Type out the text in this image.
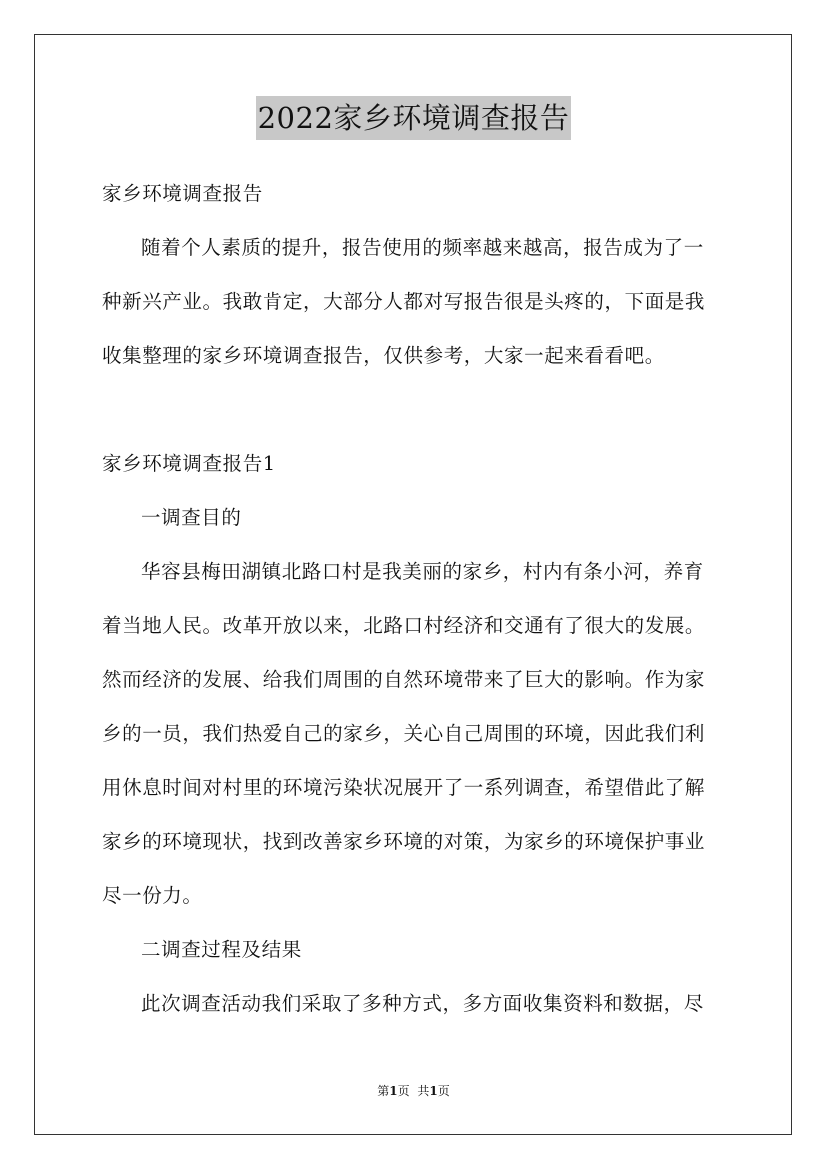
2022家乡环境调查报告
家乡环境调查报告
随着个人素质的提升，报告使用的频率越来越高，报告成为了一
种新兴产业。我敢肯定，大部分人都对写报告很是头疼的，下面是我
收集整理的家乡环境调查报告，仅供参考，大家一起来看看吧。
家乡环境调查报告1
一调查目的
华容县梅田湖镇北路口村是我美丽的家乡，村内有条小河，养育
着当地人民。改革开放以来，北路口村经济和交通有了很大的发展。
然而经济的发展、给我们周围的自然环境带来了巨大的影响。作为家
乡的一员，我们热爱自己的家乡，关心自己周围的环境，因此我们利
用休息时间对村里的环境污染状况展开了一系列调查，希望借此了解
家乡的环境现状，找到改善家乡环境的对策，为家乡的环境保护事业
尽一份力。
二调查过程及结果
此次调查活动我们采取了多种方式，多方面收集资料和数据，尽
第1页 共1页
